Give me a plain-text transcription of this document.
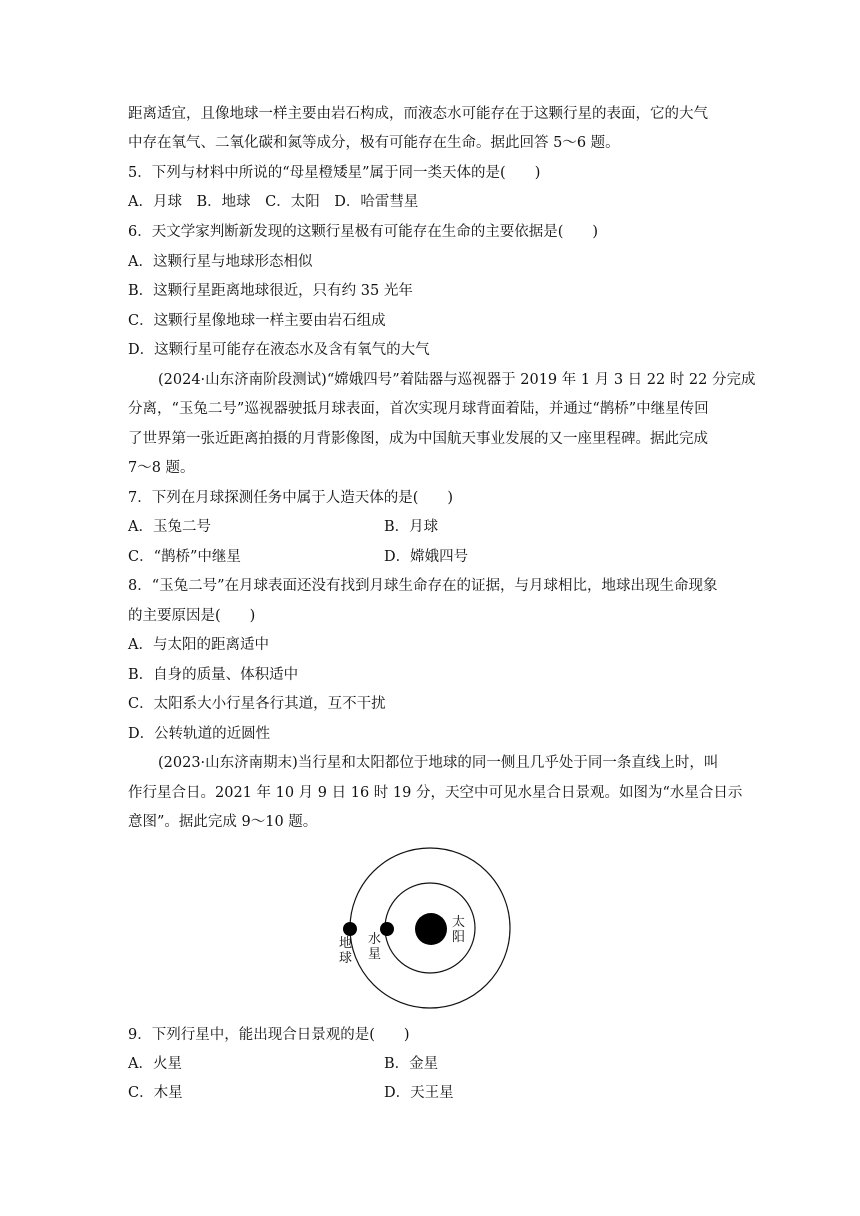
距离适宜，且像地球一样主要由岩石构成，而液态水可能存在于这颗行星的表面，它的大气
中存在氧气、二氧化碳和氮等成分，极有可能存在生命。据此回答 5～6 题。
5．下列与材料中所说的“母星橙矮星”属于同一类天体的是(　　)
A．月球　B．地球　C．太阳　D．哈雷彗星
6．天文学家判断新发现的这颗行星极有可能存在生命的主要依据是(　　)
A．这颗行星与地球形态相似
B．这颗行星距离地球很近，只有约 35 光年
C．这颗行星像地球一样主要由岩石组成
D．这颗行星可能存在液态水及含有氧气的大气
(2024·山东济南阶段测试)“嫦娥四号”着陆器与巡视器于 2019 年 1 月 3 日 22 时 22 分完成
分离，“玉兔二号”巡视器驶抵月球表面，首次实现月球背面着陆，并通过“鹊桥”中继星传回
了世界第一张近距离拍摄的月背影像图，成为中国航天事业发展的又一座里程碑。据此完成
7～8 题。
7．下列在月球探测任务中属于人造天体的是(　　)
A．玉兔二号	B．月球
C．“鹊桥”中继星	D．嫦娥四号
8．“玉兔二号”在月球表面还没有找到月球生命存在的证据，与月球相比，地球出现生命现象
的主要原因是(　　)
A．与太阳的距离适中
B．自身的质量、体积适中
C．太阳系大小行星各行其道，互不干扰
D．公转轨道的近圆性
(2023·山东济南期末)当行星和太阳都位于地球的同一侧且几乎处于同一条直线上时，叫
作行星合日。2021 年 10 月 9 日 16 时 19 分，天空中可见水星合日景观。如图为“水星合日示
意图”。据此完成 9～10 题。
太阳
水星
地球
9．下列行星中，能出现合日景观的是(　　)
A．火星	B．金星
C．木星	D．天王星
